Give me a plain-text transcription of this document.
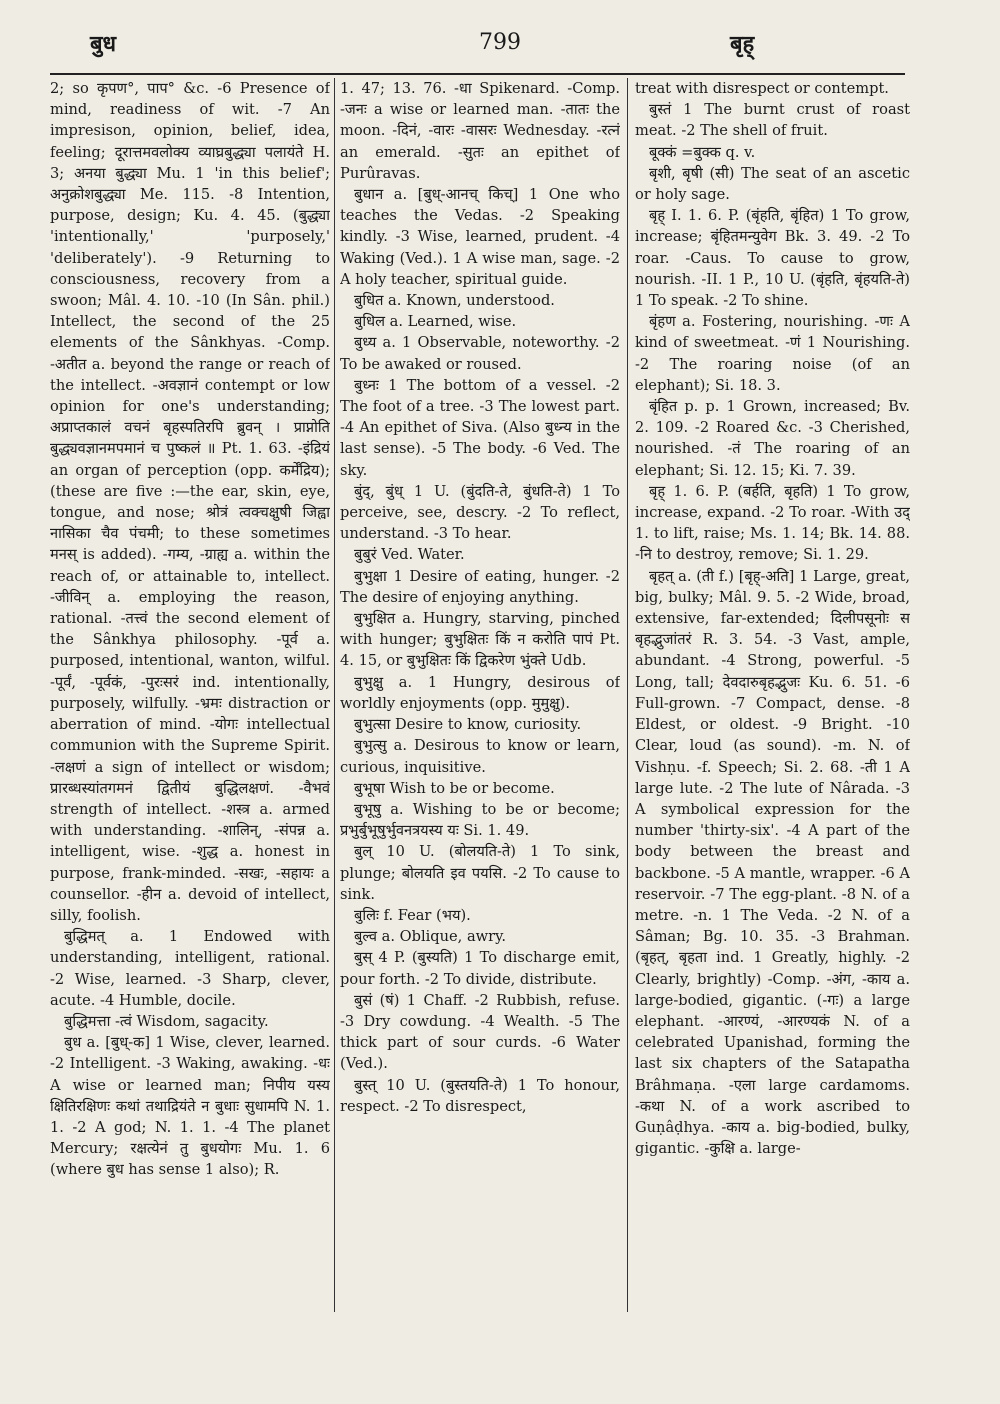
बुध	799	बृह्

2; so कृपण°, पाप° &c. -6 Presence of mind, readiness of wit. -7 An impresison, opinion, belief, idea, feeling; दूरात्तमवलोक्य व्याघ्रबुद्ध्या पलायंते H. 3; अनया बुद्ध्या Mu. 1 'in this belief'; अनुक्रोशबुद्ध्या Me. 115. -8 Intention, purpose, design; Ku. 4. 45. (बुद्ध्या 'intentionally,' 'purposely,' 'deliberately'). -9 Returning to consciousness, recovery from a swoon; Mâl. 4. 10. -10 (In Sân. phil.) Intellect, the second of the 25 elements of the Sânkhyas. -Comp. -अतीत a. beyond the range or reach of the intellect. -अवज्ञानं contempt or low opinion for one's understanding; अप्राप्तकालं वचनं बृहस्पतिरपि ब्रुवन् । प्राप्नोति बुद्ध्यवज्ञानमपमानं च पुष्कलं ॥ Pt. 1. 63. -इंद्रियं an organ of perception (opp. कर्मेंद्रिय); (these are five :—the ear, skin, eye, tongue, and nose; श्रोत्रं त्वक्चक्षुषी जिह्वा नासिका चैव पंचमी; to these sometimes मनस् is added). -गम्य, -ग्राह्य a. within the reach of, or attainable to, intellect. -जीविन् a. employing the reason, rational. -तत्त्वं the second element of the Sânkhya philosophy. -पूर्व a. purposed, intentional, wanton, wilful. -पूर्वं, -पूर्वकं, -पुरःसरं ind. intentionally, purposely, wilfully. -भ्रमः distraction or aberration of mind. -योगः intellectual communion with the Supreme Spirit. -लक्षणं a sign of intellect or wisdom; प्रारब्धस्यांतगमनं द्वितीयं बुद्धिलक्षणं. -वैभवं strength of intellect. -शस्त्र a. armed with understanding. -शालिन्, -संपन्न a. intelligent, wise. -शुद्ध a. honest in purpose, frank-minded. -सखः, -सहायः a counsellor. -हीन a. devoid of intellect, silly, foolish.

बुद्धिमत् a. 1 Endowed with understanding, intelligent, rational. -2 Wise, learned. -3 Sharp, clever, acute. -4 Humble, docile.

बुद्धिमत्ता -त्वं Wisdom, sagacity.

बुध a. [बुध्-क] 1 Wise, clever, learned. -2 Intelligent. -3 Waking, awaking. -धः A wise or learned man; निपीय यस्य क्षितिरक्षिणः कथां तथाद्रियंते न बुधाः सुधामपि N. 1. 1. -2 A god; N. 1. 1. -4 The planet Mercury; रक्षत्येनं तु बुधयोगः Mu. 1. 6 (where बुध has sense 1 also); R.

1. 47; 13. 76. -धा Spikenard. -Comp. -जनः a wise or learned man. -तातः the moon. -दिनं, -वारः -वासरः Wednesday. -रत्नं an emerald. -सुतः an epithet of Purûravas.

बुधान a. [बुध्-आनच् किच्] 1 One who teaches the Vedas. -2 Speaking kindly. -3 Wise, learned, prudent. -4 Waking (Ved.). 1 A wise man, sage. -2 A holy teacher, spiritual guide.

बुधित a. Known, understood.

बुधिल a. Learned, wise.

बुध्य a. 1 Observable, noteworthy. -2 To be awaked or roused.

बुध्नः 1 The bottom of a vessel. -2 The foot of a tree. -3 The lowest part. -4 An epithet of Siva. (Also बुध्न्य in the last sense). -5 The body. -6 Ved. The sky.

बुंद्, बुंध् 1 U. (बुंदति-ते, बुंधति-ते) 1 To perceive, see, descry. -2 To reflect, understand. -3 To hear.

बुबुरं Ved. Water.

बुभुक्षा 1 Desire of eating, hunger. -2 The desire of enjoying anything.

बुभुक्षित a. Hungry, starving, pinched with hunger; बुभुक्षितः किं न करोति पापं Pt. 4. 15, or बुभुक्षितः किं द्विकरेण भुंक्ते Udb.

बुभुक्षु a. 1 Hungry, desirous of worldly enjoyments (opp. मुमुक्षु).

बुभुत्सा Desire to know, curiosity.

बुभुत्सु a. Desirous to know or learn, curious, inquisitive.

बुभूषा Wish to be or become.

बुभूषु a. Wishing to be or become; प्रभुर्बुभूषुर्भुवनत्रयस्य यः Si. 1. 49.

बुल् 10 U. (बोलयति-ते) 1 To sink, plunge; बोलयति इव पयसि. -2 To cause to sink.

बुलिः f. Fear (भय).

बुल्व a. Oblique, awry.

बुस् 4 P. (बुस्यति) 1 To discharge emit, pour forth. -2 To divide, distribute.

बुसं (षं) 1 Chaff. -2 Rubbish, refuse. -3 Dry cowdung. -4 Wealth. -5 The thick part of sour curds. -6 Water (Ved.).

बुस्त् 10 U. (बुस्तयति-ते) 1 To honour, respect. -2 To disrespect,

treat with disrespect or contempt.

बुस्तं 1 The burnt crust of roast meat. -2 The shell of fruit.

बूक्कं =बुक्क q. v.

बृशी, बृषी (सी) The seat of an ascetic or holy sage.

बृह् I. 1. 6. P. (बृंहति, बृंहित) 1 To grow, increase; बृंहितमन्युवेग Bk. 3. 49. -2 To roar. -Caus. To cause to grow, nourish. -II. 1 P., 10 U. (बृंहति, बृंहयति-ते) 1 To speak. -2 To shine.

बृंहण a. Fostering, nourishing. -णः A kind of sweetmeat. -णं 1 Nourishing. -2 The roaring noise (of an elephant); Si. 18. 3.

बृंहित p. p. 1 Grown, increased; Bv. 2. 109. -2 Roared &c. -3 Cherished, nourished. -तं The roaring of an elephant; Si. 12. 15; Ki. 7. 39.

बृह् 1. 6. P. (बर्हति, बृहति) 1 To grow, increase, expand. -2 To roar. -With उद् 1. to lift, raise; Ms. 1. 14; Bk. 14. 88. -नि to destroy, remove; Si. 1. 29.

बृहत् a. (ती f.) [बृह्-अति] 1 Large, great, big, bulky; Mâl. 9. 5. -2 Wide, broad, extensive, far-extended; दिलीपसूनोः स बृहद्भुजांतरं R. 3. 54. -3 Vast, ample, abundant. -4 Strong, powerful. -5 Long, tall; देवदारुबृहद्भुजः Ku. 6. 51. -6 Full-grown. -7 Compact, dense. -8 Eldest, or oldest. -9 Bright. -10 Clear, loud (as sound). -m. N. of Vishṇu. -f. Speech; Si. 2. 68. -ती 1 A large lute. -2 The lute of Nârada. -3 A symbolical expression for the number 'thirty-six'. -4 A part of the body between the breast and backbone. -5 A mantle, wrapper. -6 A reservoir. -7 The egg-plant. -8 N. of a metre. -n. 1 The Veda. -2 N. of a Sâman; Bg. 10. 35. -3 Brahman. (बृहत्, बृहता ind. 1 Greatly, highly. -2 Clearly, brightly) -Comp. -अंग, -काय a. large-bodied, gigantic. (-गः) a large elephant. -आरण्यं, -आरण्यकं N. of a celebrated Upanishad, forming the last six chapters of the Satapatha Brâhmaṇa. -एला large cardamoms. -कथा N. of a work ascribed to Guṇâḍhya. -काय a. big-bodied, bulky, gigantic. -कुक्षि a. large-
